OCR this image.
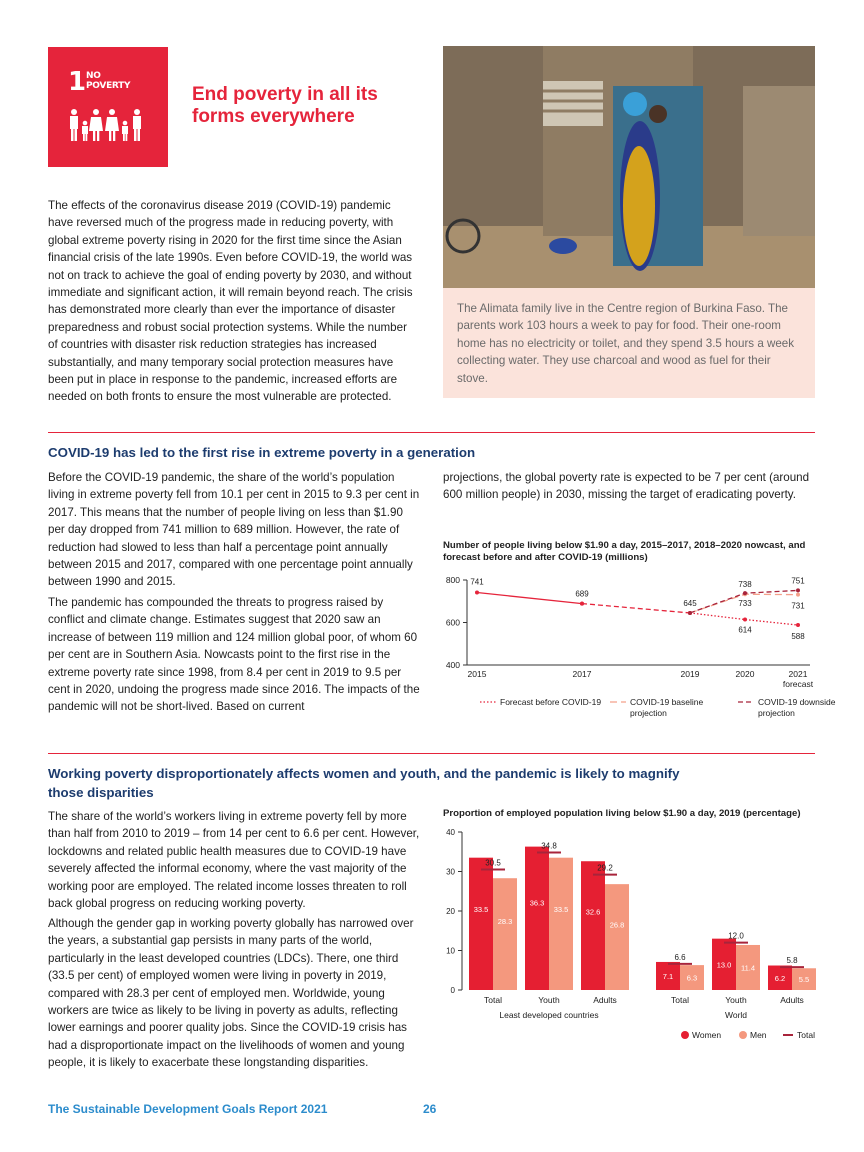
1 NO
POVERTY	End poverty in all its forms everywhere

The effects of the coronavirus disease 2019 (COVID-19) pandemic have reversed much of the progress made in reducing poverty, with global extreme poverty rising in 2020 for the first time since the Asian financial crisis of the late 1990s. Even before COVID-19, the world was not on track to achieve the goal of ending poverty by 2030, and without immediate and significant action, it will remain beyond reach. The crisis has demonstrated more clearly than ever the importance of disaster preparedness and robust social protection systems. While the number of countries with disaster risk reduction strategies has increased substantially, and many temporary social protection measures have been put in place in response to the pandemic, increased efforts are needed on both fronts to ensure the most vulnerable are protected.

The Alimata family live in the Centre region of Burkina Faso. The parents work 103 hours a week to pay for food. Their one-room home has no electricity or toilet, and they spend 3.5 hours a week collecting water. They use charcoal and wood as fuel for their stove.
COVID-19 has led to the first rise in extreme poverty in a generation

Before the COVID-19 pandemic, the share of the world’s population living in extreme poverty fell from 10.1 per cent in 2015 to 9.3 per cent in 2017. This means that the number of people living on less than $1.90 per day dropped from 741 million to 689 million. However, the rate of reduction had slowed to less than half a percentage point annually between 2015 and 2017, compared with one percentage point annually between 1990 and 2015.

The pandemic has compounded the threats to progress raised by conflict and climate change. Estimates suggest that 2020 saw an increase of between 119 million and 124 million global poor, of whom 60 per cent are in Southern Asia. Nowcasts point to the first rise in the extreme poverty rate since 1998, from 8.4 per cent in 2019 to 9.5 per cent in 2020, undoing the progress made since 2016. The impacts of the pandemic will not be short-lived. Based on current

projections, the global poverty rate is expected to be 7 per cent (around 600 million people) in 2030, missing the target of eradicating poverty.

Number of people living below $1.90 a day, 2015–2017, 2018–2020 nowcast, and forecast before and after COVID-19 (millions)
400
600
800
2015	2017	2019	2020	2021
forecast
741
689
645
614
588
733	731
738	751
Forecast before COVID-19	COVID-19 baseline
projection
COVID-19 downside
projection
Working poverty disproportionately affects women and youth, and the pandemic is likely to magnify those disparities

The share of the world’s workers living in extreme poverty fell by more than half from 2010 to 2019 – from 14 per cent to 6.6 per cent. However, lockdowns and related public health measures due to COVID-19 have severely affected the informal economy, where the vast majority of the working poor are employed. The related income losses threaten to roll back global progress on reducing working poverty.

Although the gender gap in working poverty globally has narrowed over the years, a substantial gap persists in many parts of the world, particularly in the least developed countries (LDCs). There, one third (33.5 per cent) of employed women were living in poverty in 2019, compared with 28.3 per cent of employed men. Worldwide, young workers are twice as likely to be living in poverty as adults, reflecting lower earnings and poorer quality jobs. Since the COVID-19 crisis has had a disproportionate impact on the livelihoods of women and young people, it is likely to exacerbate these longstanding disparities.

Proportion of employed population living below $1.90 a day, 2019 (percentage)
0
10
20
30
40
33.5
28.3
30.5
Total
36.3
33.5
34.8
Youth
32.6
26.8
29.2
Adults
Least developed countries
7.1 6.3
6.6
Total
13.0 11.4
12.0
Youth
6.2 5.5
5.8
Adults
World
Women	Men	Total
The Sustainable Development Goals Report 2021	26
